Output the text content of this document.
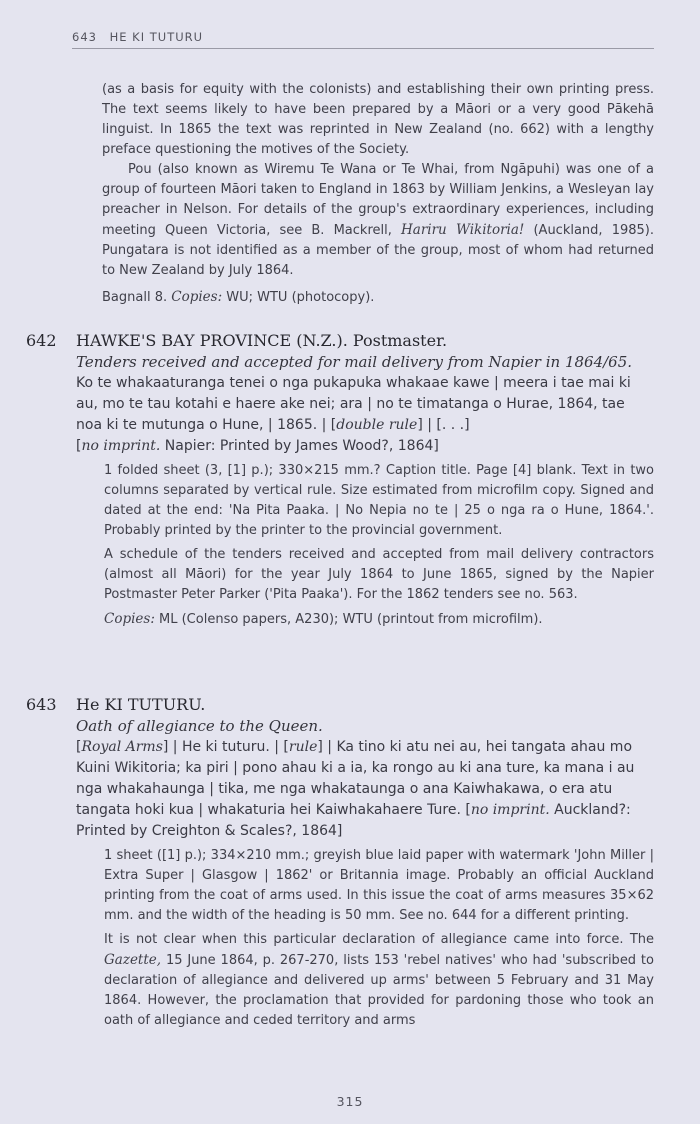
643 HE KI TUTURU

(as a basis for equity with the colonists) and establishing their own printing press. The text seems likely to have been prepared by a Māori or a very good Pākehā linguist. In 1865 the text was reprinted in New Zealand (no. 662) with a lengthy preface questioning the motives of the Society.

Pou (also known as Wiremu Te Wana or Te Whai, from Ngāpuhi) was one of a group of fourteen Māori taken to England in 1863 by William Jenkins, a Wesleyan lay preacher in Nelson. For details of the group's extraordinary experiences, including meeting Queen Victoria, see B. Mackrell, Hariru Wikitoria! (Auckland, 1985). Pungatara is not identified as a member of the group, most of whom had returned to New Zealand by July 1864.

Bagnall 8. Copies: WU; WTU (photocopy).

642 HAWKE'S BAY PROVINCE (N.Z.). Postmaster.

Tenders received and accepted for mail delivery from Napier in 1864/65.

Ko te whakaaturanga tenei o nga pukapuka whakaae kawe | meera i tae mai ki au, mo te tau kotahi e haere ake nei; ara | no te timatanga o Hurae, 1864, tae noa ki te mutunga o Hune, | 1865. | [double rule] | [. . .]

[no imprint. Napier: Printed by James Wood?, 1864]

1 folded sheet (3, [1] p.); 330×215 mm.? Caption title. Page [4] blank. Text in two columns separated by vertical rule. Size estimated from microfilm copy. Signed and dated at the end: 'Na Pita Paaka. | No Nepia no te | 25 o nga ra o Hune, 1864.'. Probably printed by the printer to the provincial government.

A schedule of the tenders received and accepted from mail delivery contractors (almost all Māori) for the year July 1864 to June 1865, signed by the Napier Postmaster Peter Parker ('Pita Paaka'). For the 1862 tenders see no. 563.

Copies: ML (Colenso papers, A230); WTU (printout from microfilm).

643 He KI TUTURU.

Oath of allegiance to the Queen.

[Royal Arms] | He ki tuturu. | [rule] | Ka tino ki atu nei au, hei tangata ahau mo Kuini Wikitoria; ka piri | pono ahau ki a ia, ka rongo au ki ana ture, ka mana i au nga whakahaunga | tika, me nga whakataunga o ana Kaiwhakawa, o era atu tangata hoki kua | whakaturia hei Kaiwhakahaere Ture. [no imprint. Auckland?: Printed by Creighton & Scales?, 1864]

1 sheet ([1] p.); 334×210 mm.; greyish blue laid paper with watermark 'John Miller | Extra Super | Glasgow | 1862' or Britannia image. Probably an official Auckland printing from the coat of arms used. In this issue the coat of arms measures 35×62 mm. and the width of the heading is 50 mm. See no. 644 for a different printing.

It is not clear when this particular declaration of allegiance came into force. The Gazette, 15 June 1864, p. 267-270, lists 153 'rebel natives' who had 'subscribed to declaration of allegiance and delivered up arms' between 5 February and 31 May 1864. However, the proclamation that provided for pardoning those who took an oath of allegiance and ceded territory and arms

315
